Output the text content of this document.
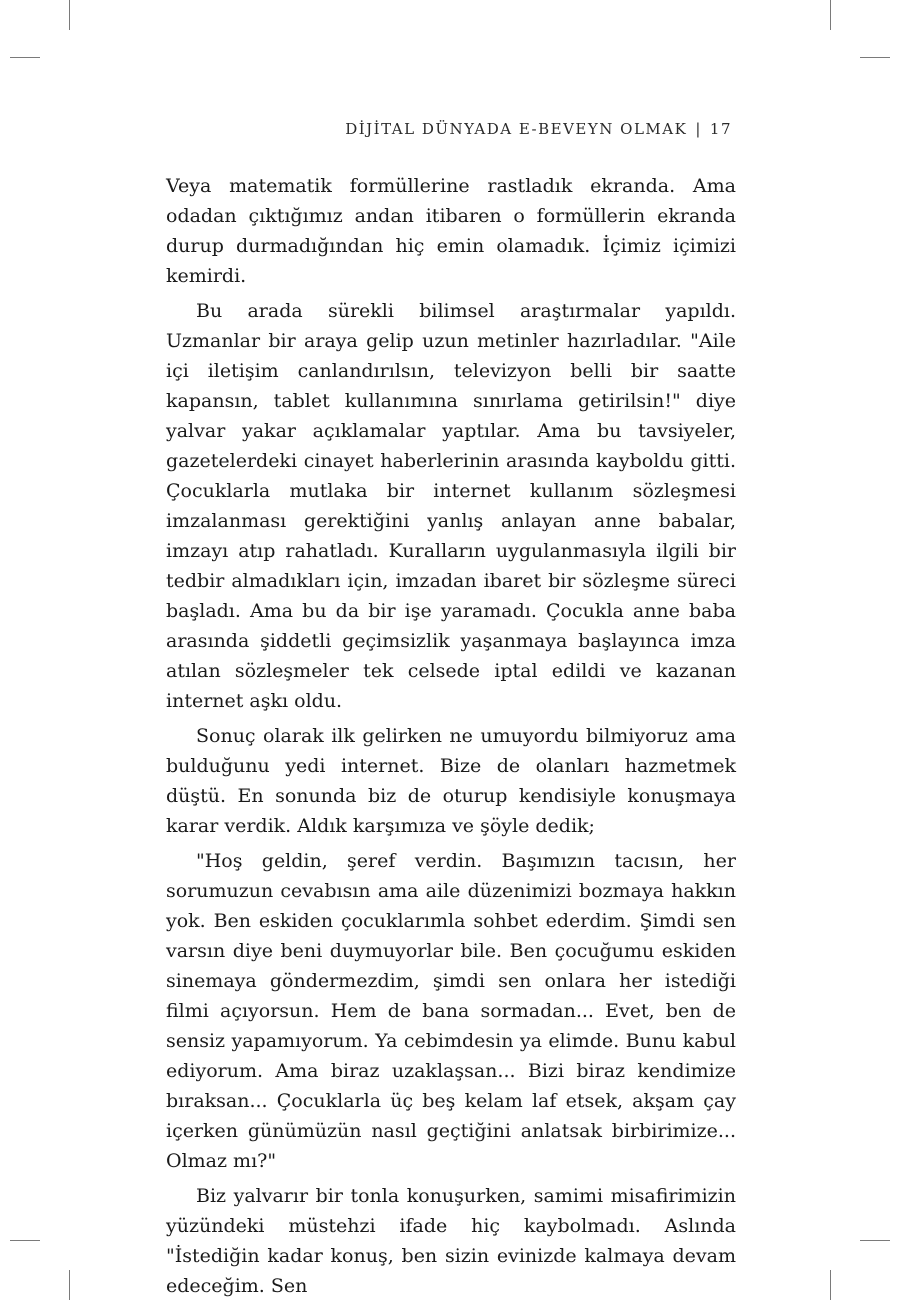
DİJİTAL DÜNYADA E-BEVEYN OLMAK | 17

Veya matematik formüllerine rastladık ekranda. Ama odadan çıktığımız andan itibaren o formüllerin ekranda durup durmadığından hiç emin olamadık. İçimiz içimizi kemirdi.

Bu arada sürekli bilimsel araştırmalar yapıldı. Uzmanlar bir araya gelip uzun metinler hazırladılar. "Aile içi iletişim canlandırılsın, televizyon belli bir saatte kapansın, tablet kullanımına sınırlama getirilsin!" diye yalvar yakar açıklamalar yaptılar. Ama bu tavsiyeler, gazetelerdeki cinayet haberlerinin arasında kayboldu gitti. Çocuklarla mutlaka bir internet kullanım sözleşmesi imzalanması gerektiğini yanlış anlayan anne babalar, imzayı atıp rahatladı. Kuralların uygulanmasıyla ilgili bir tedbir almadıkları için, imzadan ibaret bir sözleşme süreci başladı. Ama bu da bir işe yaramadı. Çocukla anne baba arasında şiddetli geçimsizlik yaşanmaya başlayınca imza atılan sözleşmeler tek celsede iptal edildi ve kazanan internet aşkı oldu.

Sonuç olarak ilk gelirken ne umuyordu bilmiyoruz ama bulduğunu yedi internet. Bize de olanları hazmetmek düştü. En sonunda biz de oturup kendisiyle konuşmaya karar verdik. Aldık karşımıza ve şöyle dedik;

"Hoş geldin, şeref verdin. Başımızın tacısın, her sorumuzun cevabısın ama aile düzenimizi bozmaya hakkın yok. Ben eskiden çocuklarımla sohbet ederdim. Şimdi sen varsın diye beni duymuyorlar bile. Ben çocuğumu eskiden sinemaya göndermezdim, şimdi sen onlara her istediği filmi açıyorsun. Hem de bana sormadan... Evet, ben de sensiz yapamıyorum. Ya cebimdesin ya elimde. Bunu kabul ediyorum. Ama biraz uzaklaşsan... Bizi biraz kendimize bıraksan... Çocuklarla üç beş kelam laf etsek, akşam çay içerken günümüzün nasıl geçtiğini anlatsak birbirimize... Olmaz mı?"

Biz yalvarır bir tonla konuşurken, samimi misafirimizin yüzündeki müstehzi ifade hiç kaybolmadı. Aslında "İstediğin kadar konuş, ben sizin evinizde kalmaya devam edeceğim. Sen
